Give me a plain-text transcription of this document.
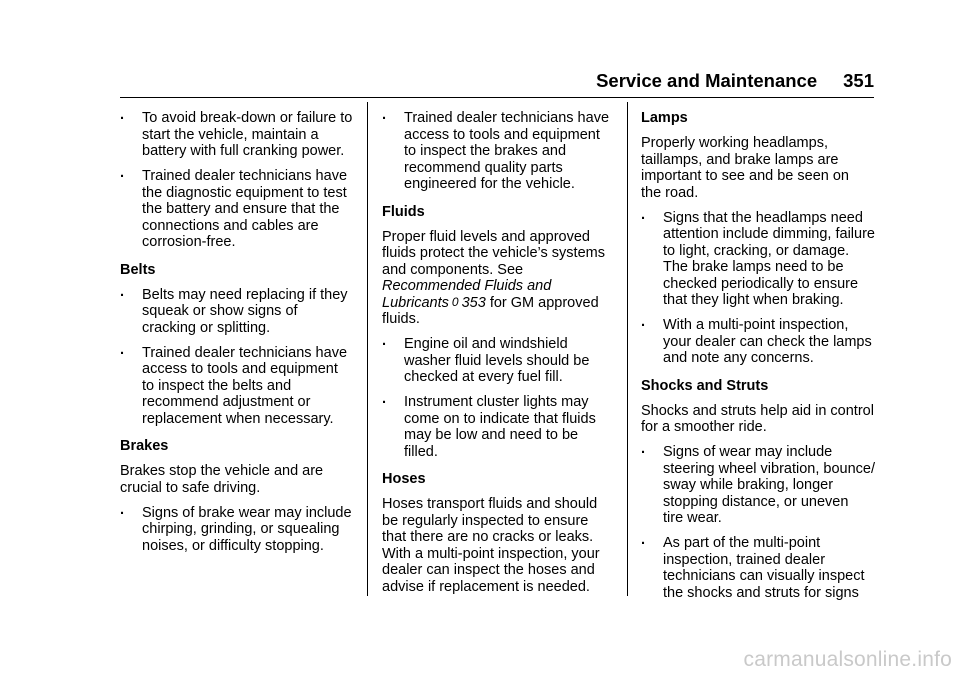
Service and Maintenance 351
. To avoid break-down or failure to
start the vehicle, maintain a
battery with full cranking power.
. Trained dealer technicians have
the diagnostic equipment to test
the battery and ensure that the
connections and cables are
corrosion-free.
Belts
. Belts may need replacing if they
squeak or show signs of
cracking or splitting.
. Trained dealer technicians have
access to tools and equipment
to inspect the belts and
recommend adjustment or
replacement when necessary.
Brakes
Brakes stop the vehicle and are
crucial to safe driving.
. Signs of brake wear may include
chirping, grinding, or squealing
noises, or difficulty stopping.
. Trained dealer technicians have
access to tools and equipment
to inspect the brakes and
recommend quality parts
engineered for the vehicle.
Fluids
Proper fluid levels and approved
fluids protect the vehicle’s systems
and components. See
Recommended Fluids and
Lubricants 0 353 for GM approved
fluids.
. Engine oil and windshield
washer fluid levels should be
checked at every fuel fill.
. Instrument cluster lights may
come on to indicate that fluids
may be low and need to be
filled.
Hoses
Hoses transport fluids and should
be regularly inspected to ensure
that there are no cracks or leaks.
With a multi-point inspection, your
dealer can inspect the hoses and
advise if replacement is needed.
Lamps
Properly working headlamps,
taillamps, and brake lamps are
important to see and be seen on
the road.
. Signs that the headlamps need
attention include dimming, failure
to light, cracking, or damage.
The brake lamps need to be
checked periodically to ensure
that they light when braking.
. With a multi-point inspection,
your dealer can check the lamps
and note any concerns.
Shocks and Struts
Shocks and struts help aid in control
for a smoother ride.
. Signs of wear may include
steering wheel vibration, bounce/
sway while braking, longer
stopping distance, or uneven
tire wear.
. As part of the multi-point
inspection, trained dealer
technicians can visually inspect
the shocks and struts for signs
carmanualsonline.info
